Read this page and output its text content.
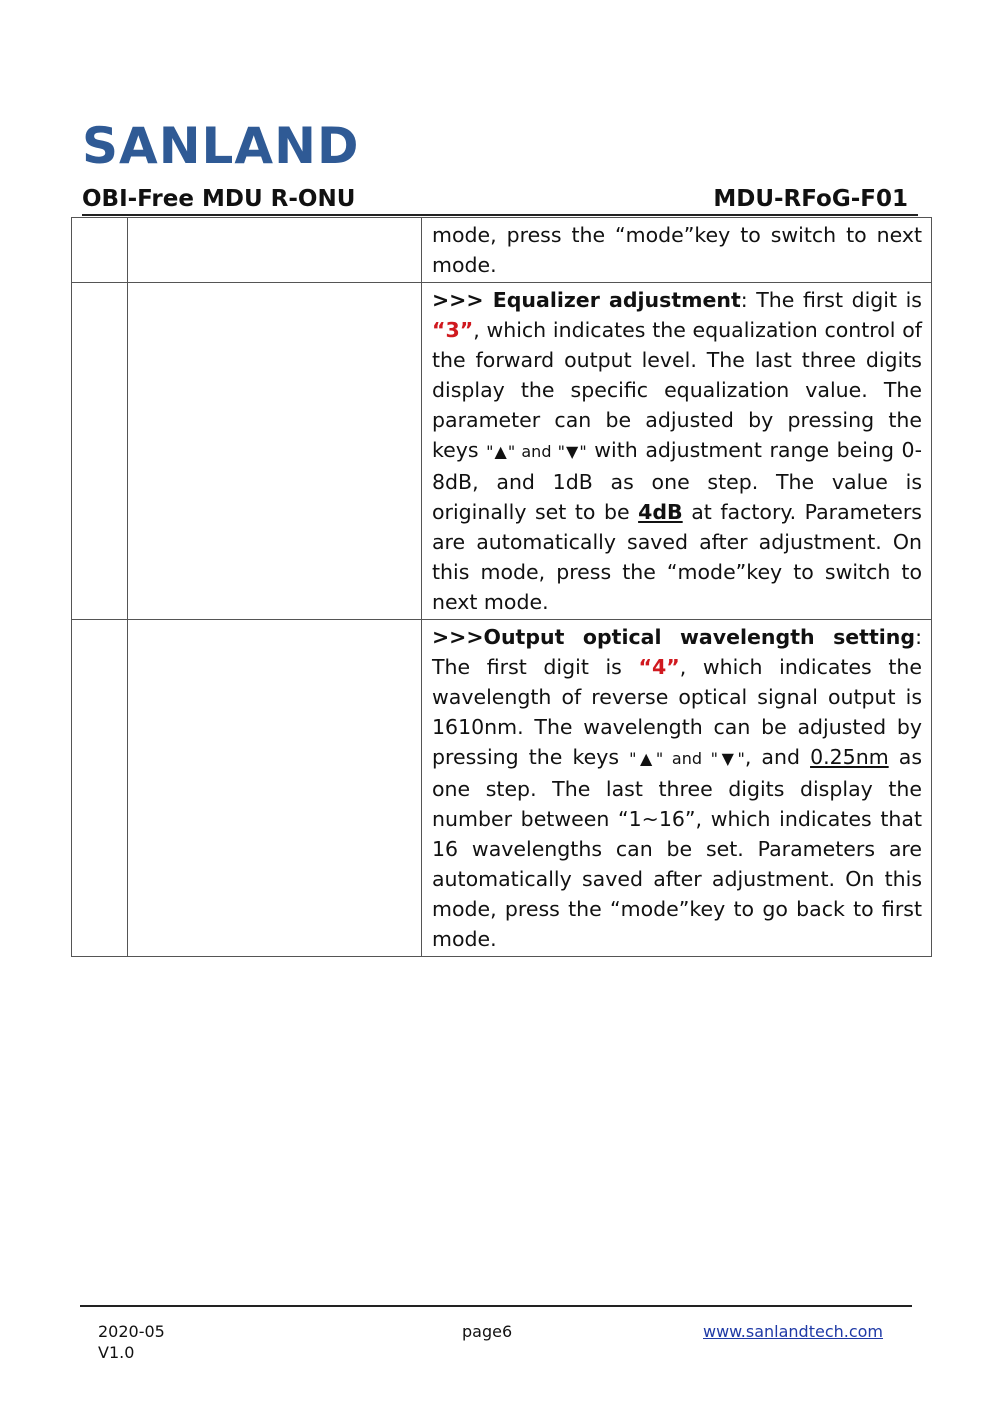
SANLAND
OBI-Free MDU R-ONU	MDU-RFoG-F01
		mode, press the “mode”key to switch to next mode.
		>>> Equalizer adjustment: The first digit is “3”, which indicates the equalization control of the forward output level. The last three digits display the specific equalization value. The parameter can be adjusted by pressing the keys "▲" and "▼" with adjustment range being 0-8dB, and 1dB as one step. The value is originally set to be 4dB at factory. Parameters are automatically saved after adjustment. On this mode, press the “mode”key to switch to next mode.
		>>>Output optical wavelength setting: The first digit is “4”, which indicates the wavelength of reverse optical signal output is 1610nm. The wavelength can be adjusted by pressing the keys "▲" and "▼", and 0.25nm as one step. The last three digits display the number between “1~16”, which indicates that 16 wavelengths can be set. Parameters are automatically saved after adjustment. On this mode, press the “mode”key to go back to first mode.
2020-05
V1.0
page6	www.sanlandtech.com
